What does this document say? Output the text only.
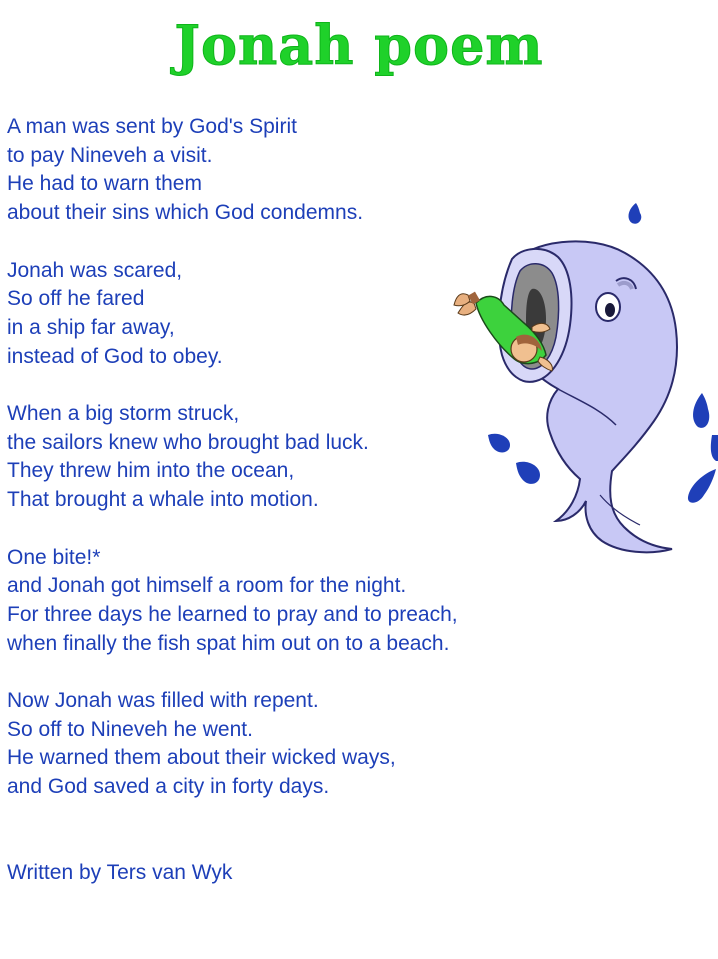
Jonah poem
A man was sent by God's Spirit
to pay Nineveh a visit.
He had to warn them
about their sins which God condemns.
Jonah was scared,
So off he fared
in a ship far away,
instead of God to obey.
When a big storm struck,
the sailors knew who brought bad luck.
They threw him into the ocean,
That brought a whale into motion.
One bite!*
and Jonah got himself a room for the night.
For three days he learned to pray and to preach,
when finally the fish spat him out on to a beach.
Now Jonah was filled with repent.
So off to Nineveh he went.
He warned them about their wicked ways,
and God saved a city in forty days.
Written by Ters van Wyk
